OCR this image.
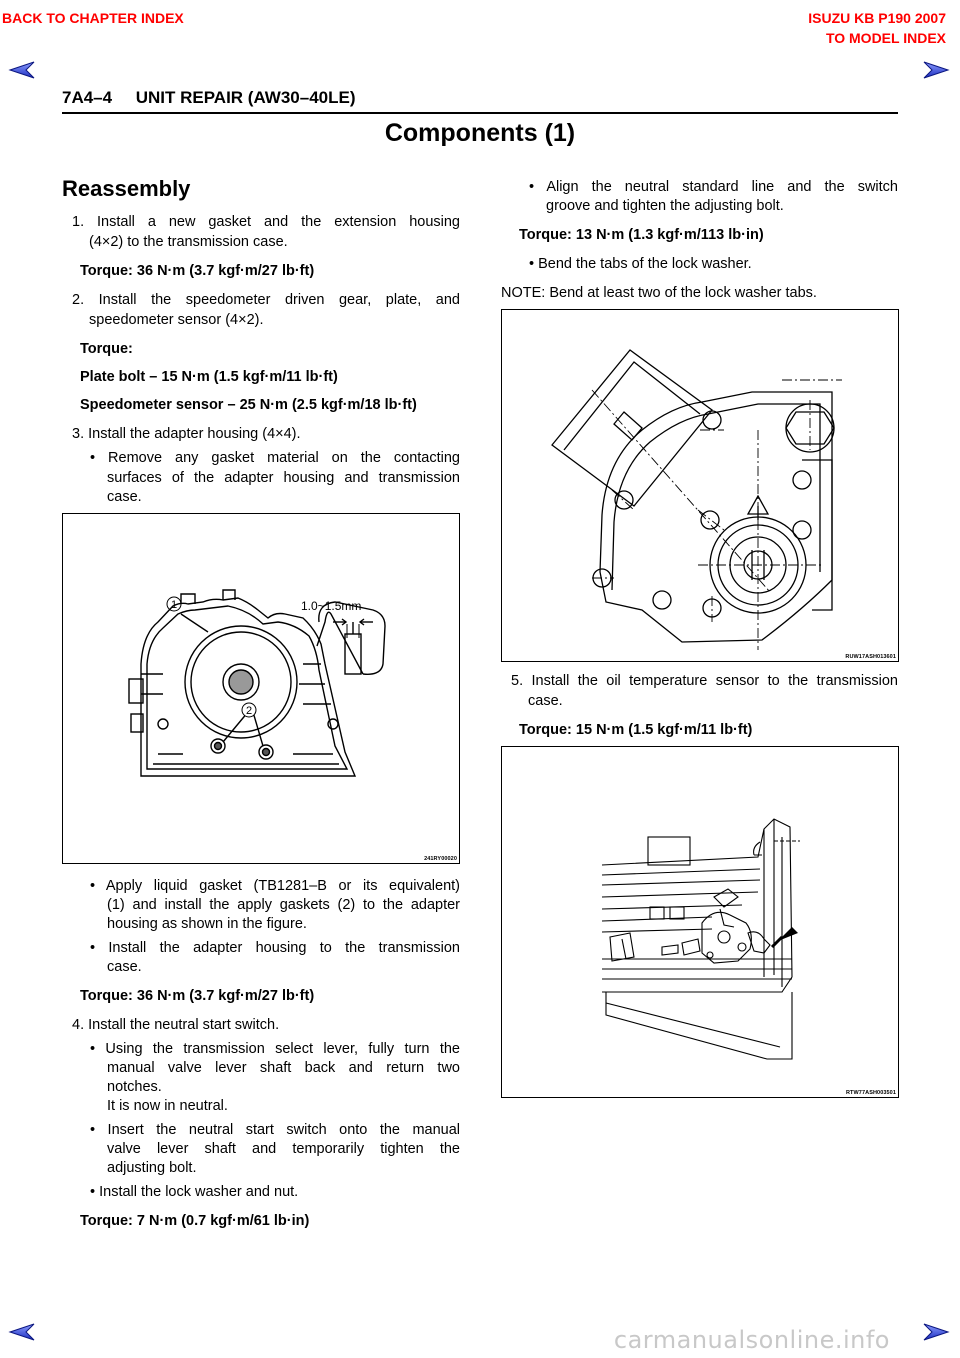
BACK TO CHAPTER INDEX	ISUZU KB P190 2007
TO MODEL INDEX
7A4–4     UNIT REPAIR (AW30–40LE)
Components (1)
Reassembly
1. Install a new gasket and the extension housing
(4×2) to the transmission case.
Torque: 36 N·m (3.7 kgf·m/27 lb·ft)
2. Install the speedometer driven gear, plate, and
speedometer sensor (4×2).
Torque:
Plate bolt – 15 N·m (1.5 kgf·m/11 lb·ft)
Speedometer sensor – 25 N·m (2.5 kgf·m/18 lb·ft)
3. Install the adapter housing (4×4).
• Remove any gasket material on the contacting
surfaces of the adapter housing and transmission
case.
1
2
1.0~1.5mm
241RY00020
• Apply liquid gasket (TB1281–B or its equivalent)
(1) and install the apply gaskets (2) to the adapter
housing as shown in the figure.
• Install the adapter housing to the transmission
case.
Torque: 36 N·m (3.7 kgf·m/27 lb·ft)
4. Install the neutral start switch.
• Using the transmission select lever, fully turn the
manual valve lever shaft back and return two
notches.
It is now in neutral.
• Insert the neutral start switch onto the manual
valve lever shaft and temporarily tighten the
adjusting bolt.
• Install the lock washer and nut.
Torque: 7 N·m (0.7 kgf·m/61 lb·in)
• Align the neutral standard line and the switch
groove and tighten the adjusting bolt.
Torque: 13 N·m (1.3 kgf·m/113 lb·in)
• Bend the tabs of the lock washer.
NOTE: Bend at least two of the lock washer tabs.
RUW17ASH013601
5. Install the oil temperature sensor to the transmission
case.
Torque: 15 N·m (1.5 kgf·m/11 lb·ft)
RTW77ASH003501
carmanualsonline.info
